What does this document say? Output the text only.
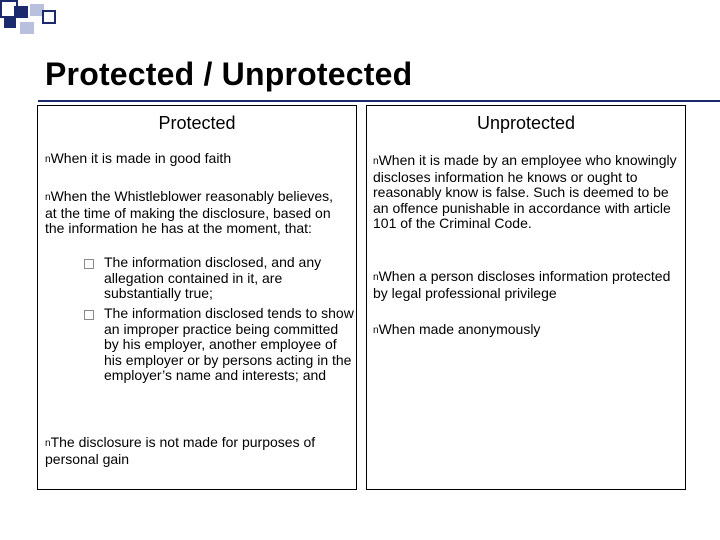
Protected / Unprotected
Protected
nWhen it is made in good faith
nWhen the Whistleblower reasonably believes, at the time of making the disclosure, based on the information he has at the moment, that:
The information disclosed, and any allegation contained in it, are substantially true;
The information disclosed tends to show an improper practice being committed by his employer, another employee of his employer or by persons acting in the employer’s name and interests; and
nThe disclosure is not made for purposes of personal gain
Unprotected
nWhen it is made by an employee who knowingly discloses information he knows or ought to reasonably know is false. Such is deemed to be an offence punishable in accordance with article 101 of the Criminal Code.
nWhen a person discloses information protected by legal professional privilege
nWhen made anonymously
